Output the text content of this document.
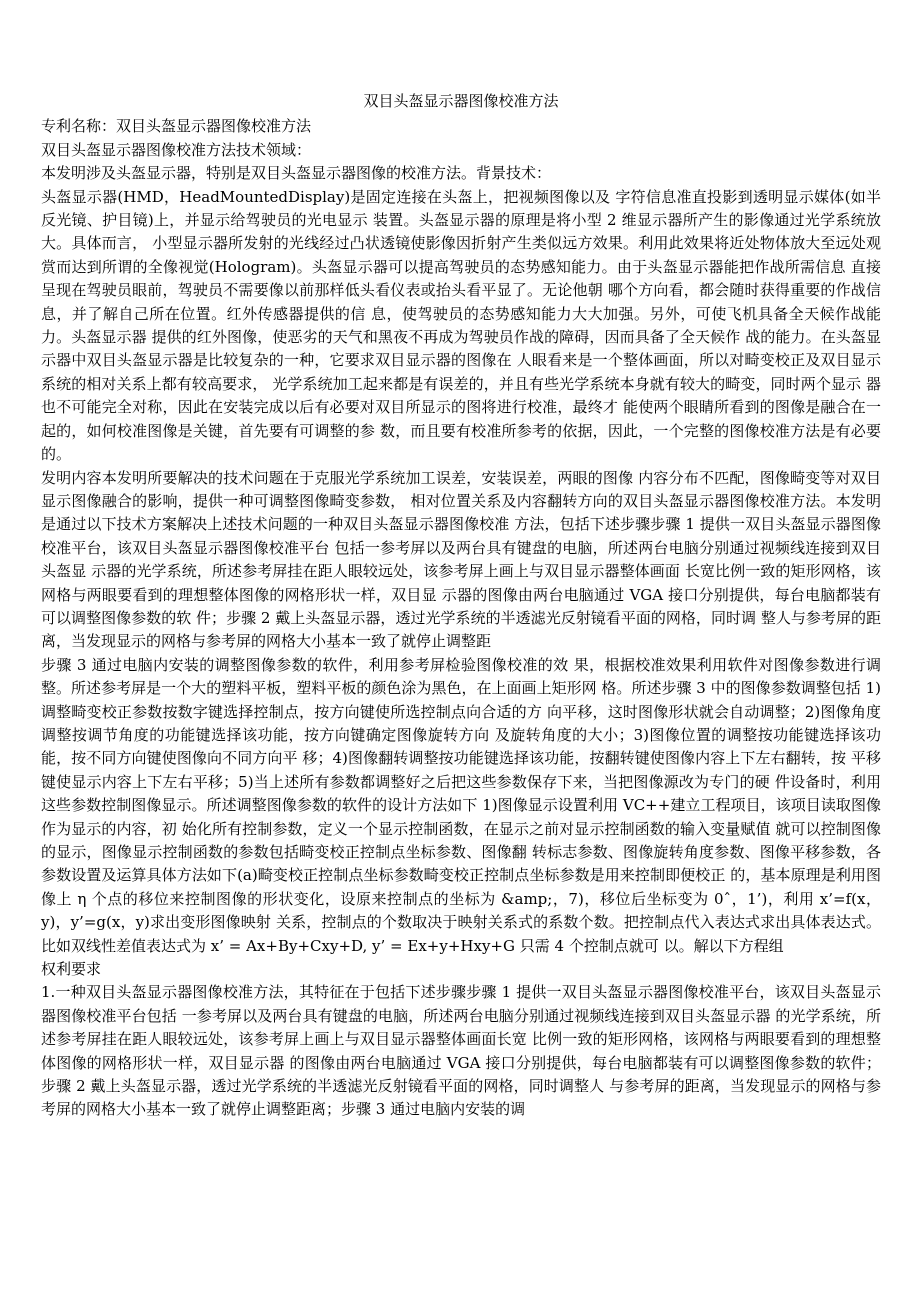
双目头盔显示器图像校准方法

专利名称：双目头盔显示器图像校准方法

双目头盔显示器图像校准方法技术领域：

本发明涉及头盔显示器，特别是双目头盔显示器图像的校准方法。背景技术：

头盔显示器(HMD，HeadMountedDisplay)是固定连接在头盔上，把视频图像以及 字符信息准直投影到透明显示媒体(如半反光镜、护目镜)上，并显示给驾驶员的光电显示 装置。头盔显示器的原理是将小型 2 维显示器所产生的影像通过光学系统放大。具体而言， 小型显示器所发射的光线经过凸状透镜使影像因折射产生类似远方效果。利用此效果将近处物体放大至远处观赏而达到所谓的全像视觉(Hologram)。头盔显示器可以提高驾驶员的态势感知能力。由于头盔显示器能把作战所需信息 直接呈现在驾驶员眼前，驾驶员不需要像以前那样低头看仪表或抬头看平显了。无论他朝 哪个方向看，都会随时获得重要的作战信息，并了解自己所在位置。红外传感器提供的信 息，使驾驶员的态势感知能力大大加强。另外，可使飞机具备全天候作战能力。头盔显示器 提供的红外图像，使恶劣的天气和黑夜不再成为驾驶员作战的障碍，因而具备了全天候作 战的能力。在头盔显示器中双目头盔显示器是比较复杂的一种，它要求双目显示器的图像在 人眼看来是一个整体画面，所以对畸变校正及双目显示系统的相对关系上都有较高要求， 光学系统加工起来都是有误差的，并且有些光学系统本身就有较大的畸变，同时两个显示 器也不可能完全对称，因此在安装完成以后有必要对双目所显示的图将进行校准，最终才 能使两个眼睛所看到的图像是融合在一起的，如何校准图像是关键，首先要有可调整的参 数，而且要有校准所参考的依据，因此，一个完整的图像校准方法是有必要的。

发明内容本发明所要解决的技术问题在于克服光学系统加工误差，安装误差，两眼的图像 内容分布不匹配，图像畸变等对双目显示图像融合的影响，提供一种可调整图像畸变参数， 相对位置关系及内容翻转方向的双目头盔显示器图像校准方法。本发明是通过以下技术方案解决上述技术问题的一种双目头盔显示器图像校准 方法，包括下述步骤步骤 1 提供一双目头盔显示器图像校准平台，该双目头盔显示器图像校准平台 包括一参考屏以及两台具有键盘的电脑，所述两台电脑分别通过视频线连接到双目头盔显 示器的光学系统，所述参考屏挂在距人眼较远处，该参考屏上画上与双目显示器整体画面 长宽比例一致的矩形网格，该网格与两眼要看到的理想整体图像的网格形状一样，双目显 示器的图像由两台电脑通过 VGA 接口分别提供，每台电脑都装有可以调整图像参数的软 件；步骤 2 戴上头盔显示器，透过光学系统的半透滤光反射镜看平面的网格，同时调 整人与参考屏的距离，当发现显示的网格与参考屏的网格大小基本一致了就停止调整距

步骤 3 通过电脑内安装的调整图像参数的软件，利用参考屏检验图像校准的效 果，根据校准效果利用软件对图像参数进行调整。所述参考屏是一个大的塑料平板，塑料平板的颜色涂为黑色，在上面画上矩形网 格。所述步骤 3 中的图像参数调整包括 1)调整畸变校正参数按数字键选择控制点，按方向键使所选控制点向合适的方 向平移，这时图像形状就会自动调整；2)图像角度调整按调节角度的功能键选择该功能，按方向键确定图像旋转方向 及旋转角度的大小；3)图像位置的调整按功能键选择该功能，按不同方向键使图像向不同方向平 移；4)图像翻转调整按功能键选择该功能，按翻转键使图像内容上下左右翻转，按 平移键使显示内容上下左右平移；5)当上述所有参数都调整好之后把这些参数保存下来，当把图像源改为专门的硬 件设备时，利用这些参数控制图像显示。所述调整图像参数的软件的设计方法如下 1)图像显示设置利用 VC++建立工程项目，该项目读取图像作为显示的内容，初 始化所有控制参数，定义一个显示控制函数，在显示之前对显示控制函数的输入变量赋值 就可以控制图像的显示，图像显示控制函数的参数包括畸变校正控制点坐标参数、图像翻 转标志参数、图像旋转角度参数、图像平移参数，各参数设置及运算具体方法如下(a)畸变校正控制点坐标参数畸变校正控制点坐标参数是用来控制即便校正 的，基本原理是利用图像上 η 个点的移位来控制图像的形状变化，设原来控制点的坐标为 &amp;，7)，移位后坐标变为 0ˆ，1’)，利用 x’=f(x，y)，y’=g(x，y)求出变形图像映射 关系，控制点的个数取决于映射关系式的系数个数。把控制点代入表达式求出具体表达式。 比如双线性差值表达式为 x’ = Ax+By+Cxy+D, y’ = Ex+y+Hxy+G 只需 4 个控制点就可 以。解以下方程组

权利要求

1.一种双目头盔显示器图像校准方法，其特征在于包括下述步骤步骤 1 提供一双目头盔显示器图像校准平台，该双目头盔显示器图像校准平台包括 一参考屏以及两台具有键盘的电脑，所述两台电脑分别通过视频线连接到双目头盔显示器 的光学系统，所述参考屏挂在距人眼较远处，该参考屏上画上与双目显示器整体画面长宽 比例一致的矩形网格，该网格与两眼要看到的理想整体图像的网格形状一样，双目显示器 的图像由两台电脑通过 VGA 接口分别提供，每台电脑都装有可以调整图像参数的软件；步骤 2 戴上头盔显示器，透过光学系统的半透滤光反射镜看平面的网格，同时调整人 与参考屏的距离，当发现显示的网格与参考屏的网格大小基本一致了就停止调整距离；步骤 3 通过电脑内安装的调
